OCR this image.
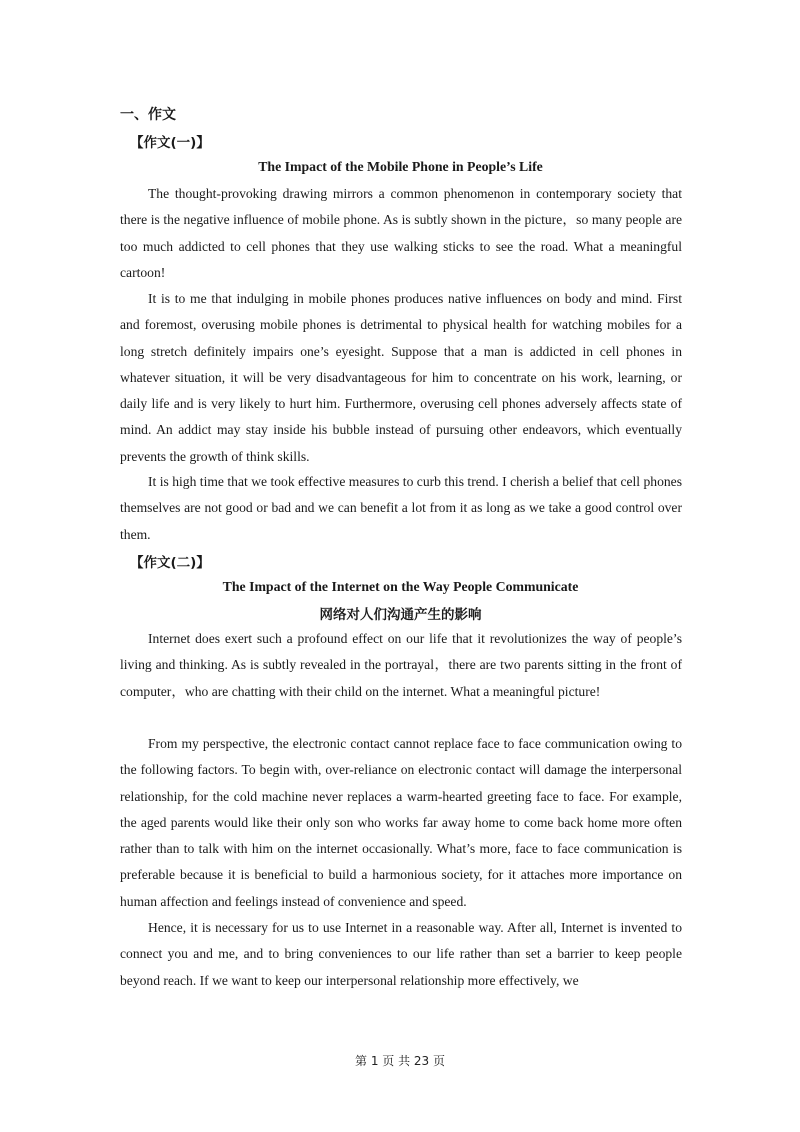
一、作文
【作文(一)】
The Impact of the Mobile Phone in People’s Life

The thought-provoking drawing mirrors a common phenomenon in contemporary society that there is the negative influence of mobile phone. As is subtly shown in the picture，so many people are too much addicted to cell phones that they use walking sticks to see the road. What a meaningful cartoon!

It is to me that indulging in mobile phones produces native influences on body and mind. First and foremost, overusing mobile phones is detrimental to physical health for watching mobiles for a long stretch definitely impairs one’s eyesight. Suppose that a man is addicted in cell phones in whatever situation, it will be very disadvantageous for him to concentrate on his work, learning, or daily life and is very likely to hurt him. Furthermore, overusing cell phones adversely affects state of mind. An addict may stay inside his bubble instead of pursuing other endeavors, which eventually prevents the growth of think skills.

It is high time that we took effective measures to curb this trend. I cherish a belief that cell phones themselves are not good or bad and we can benefit a lot from it as long as we take a good control over them.

【作文(二)】
The Impact of the Internet on the Way People Communicate
网络对人们沟通产生的影响

Internet does exert such a profound effect on our life that it revolutionizes the way of people’s living and thinking. As is subtly revealed in the portrayal，there are two parents sitting in the front of computer，who are chatting with their child on the internet. What a meaningful picture!

From my perspective, the electronic contact cannot replace face to face communication owing to the following factors. To begin with, over-reliance on electronic contact will damage the interpersonal relationship, for the cold machine never replaces a warm-hearted greeting face to face. For example, the aged parents would like their only son who works far away home to come back home more often rather than to talk with him on the internet occasionally. What’s more, face to face communication is preferable because it is beneficial to build a harmonious society, for it attaches more importance on human affection and feelings instead of convenience and speed.

Hence, it is necessary for us to use Internet in a reasonable way. After all, Internet is invented to connect you and me, and to bring conveniences to our life rather than set a barrier to keep people beyond reach. If we want to keep our interpersonal relationship more effectively, we

第 1 页 共 23 页
